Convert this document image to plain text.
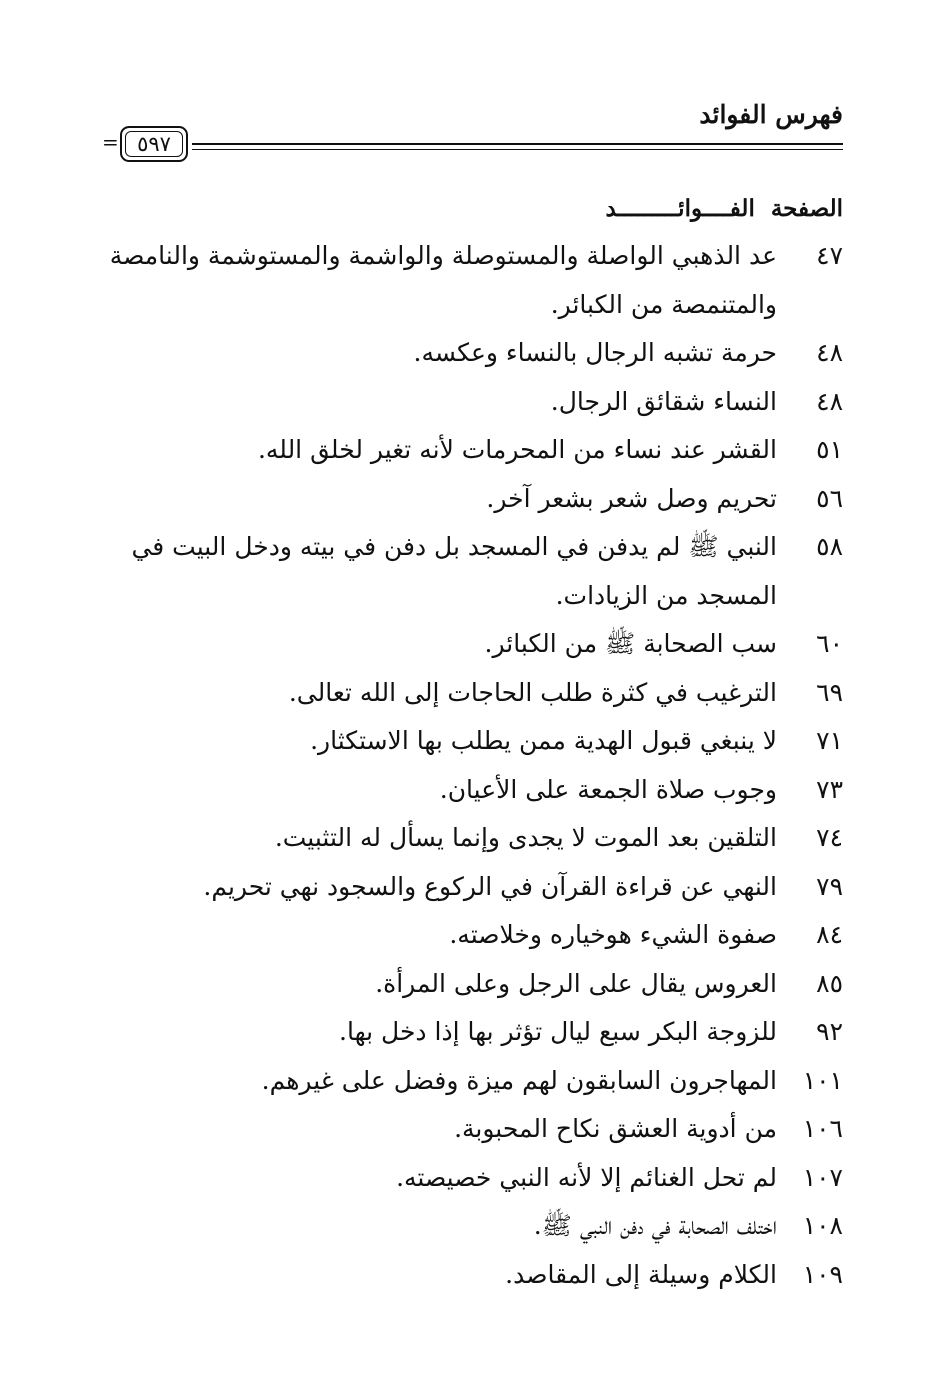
فهرس الفوائد
٥٩٧
=
الصفحة
الفــــوائـــــــــد
٤٧
عد الذهبي الواصلة والمستوصلة والواشمة والمستوشمة والنامصة والمتنمصة من الكبائر.
٤٨
حرمة تشبه الرجال بالنساء وعكسه.
٤٨
النساء شقائق الرجال.
٥١
القشر عند نساء من المحرمات لأنه تغير لخلق الله.
٥٦
تحريم وصل شعر بشعر آخر.
٥٨
النبي ﷺ لم يدفن في المسجد بل دفن في بيته ودخل البيت في المسجد من الزيادات.
٦٠
سب الصحابة ﷺ من الكبائر.
٦٩
الترغيب في كثرة طلب الحاجات إلى الله تعالى.
٧١
لا ينبغي قبول الهدية ممن يطلب بها الاستكثار.
٧٣
وجوب صلاة الجمعة على الأعيان.
٧٤
التلقين بعد الموت لا يجدى وإنما يسأل له التثبيت.
٧٩
النهي عن قراءة القرآن في الركوع والسجود نهي تحريم.
٨٤
صفوة الشيء هوخياره وخلاصته.
٨٥
العروس يقال على الرجل وعلى المرأة.
٩٢
للزوجة البكر سبع ليال تؤثر بها إذا دخل بها.
١٠١
المهاجرون السابقون لهم ميزة وفضل على غيرهم.
١٠٦
من أدوية العشق نكاح المحبوبة.
١٠٧
لم تحل الغنائم إلا لأنه النبي خصيصته.
١٠٨
اختلف الصحابة في دفن النبي ﷺ.
١٠٩
الكلام وسيلة إلى المقاصد.
